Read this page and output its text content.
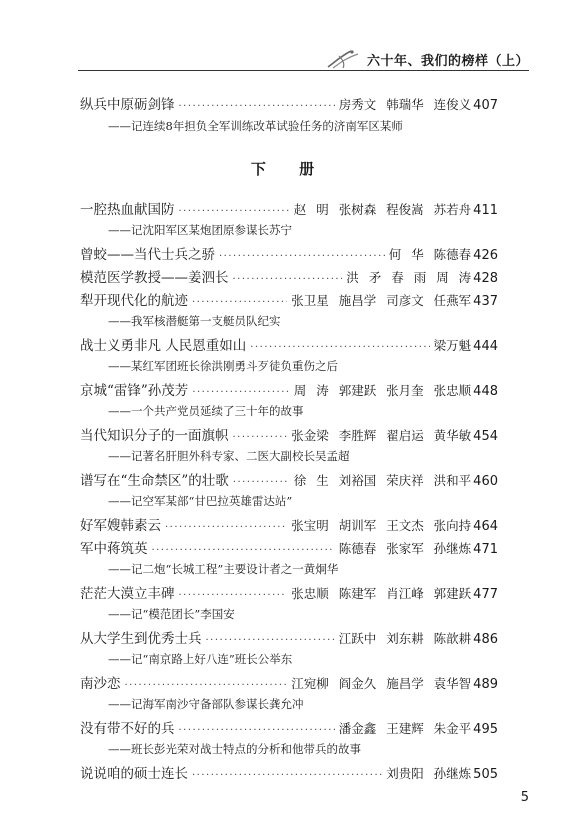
六十年、我们的榜样（上）
纵兵中原砺剑锋 ·····	房秀文 韩瑞华 连俊义 407
——记连续8年担负全军训练改革试验任务的济南军区某师
下 册
一腔热血献国防 ·····	赵 明 张树森 程俊嵩 苏若舟 411
——记沈阳军区某炮团原参谋长苏宁
曾蛟——当代士兵之骄 ·····	何 华 陈德春 426
模范医学教授——姜泗长 ·····	洪 矛 春 雨 周 涛 428
犁开现代化的航迹 ·····	张卫星 施昌学 司彦文 任燕军 437
——我军核潜艇第一支艇员队纪实
战士义勇非凡 人民恩重如山 ·····	梁万魁 444
——某红军团班长徐洪刚勇斗歹徒负重伤之后
京城“雷锋”孙茂芳 ·····	周 涛 郭建跃 张月奎 张忠顺 448
——一个共产党员延续了三十年的故事
当代知识分子的一面旗帜 ·····	张金梁 李胜辉 翟启运 黄华敏 454
——记著名肝胆外科专家、二医大副校长吴孟超
谱写在“生命禁区”的壮歌 ·····	徐 生 刘裕国 荣庆祥 洪和平 460
——记空军某部“甘巴拉英雄雷达站”
好军嫂韩素云 ·····	张宝明 胡训军 王文杰 张向持 464
军中蒋筑英 ·····	陈德春 张家军 孙继炼 471
——记二炮“长城工程”主要设计者之一黄炯华
茫茫大漠立丰碑 ·····	张忠顺 陈建军 肖江峰 郭建跃 477
——记“模范团长”李国安
从大学生到优秀士兵 ·····	江跃中 刘东耕 陈歆耕 486
——记“南京路上好八连”班长公举东
南沙恋 ·····	江宛柳 阎金久 施昌学 袁华智 489
——记海军南沙守备部队参谋长龚允冲
没有带不好的兵 ·····	潘金鑫 王建辉 朱金平 495
——班长彭光荣对战士特点的分析和他带兵的故事
说说咱的硕士连长 ·····	刘贵阳 孙继炼 505
5
